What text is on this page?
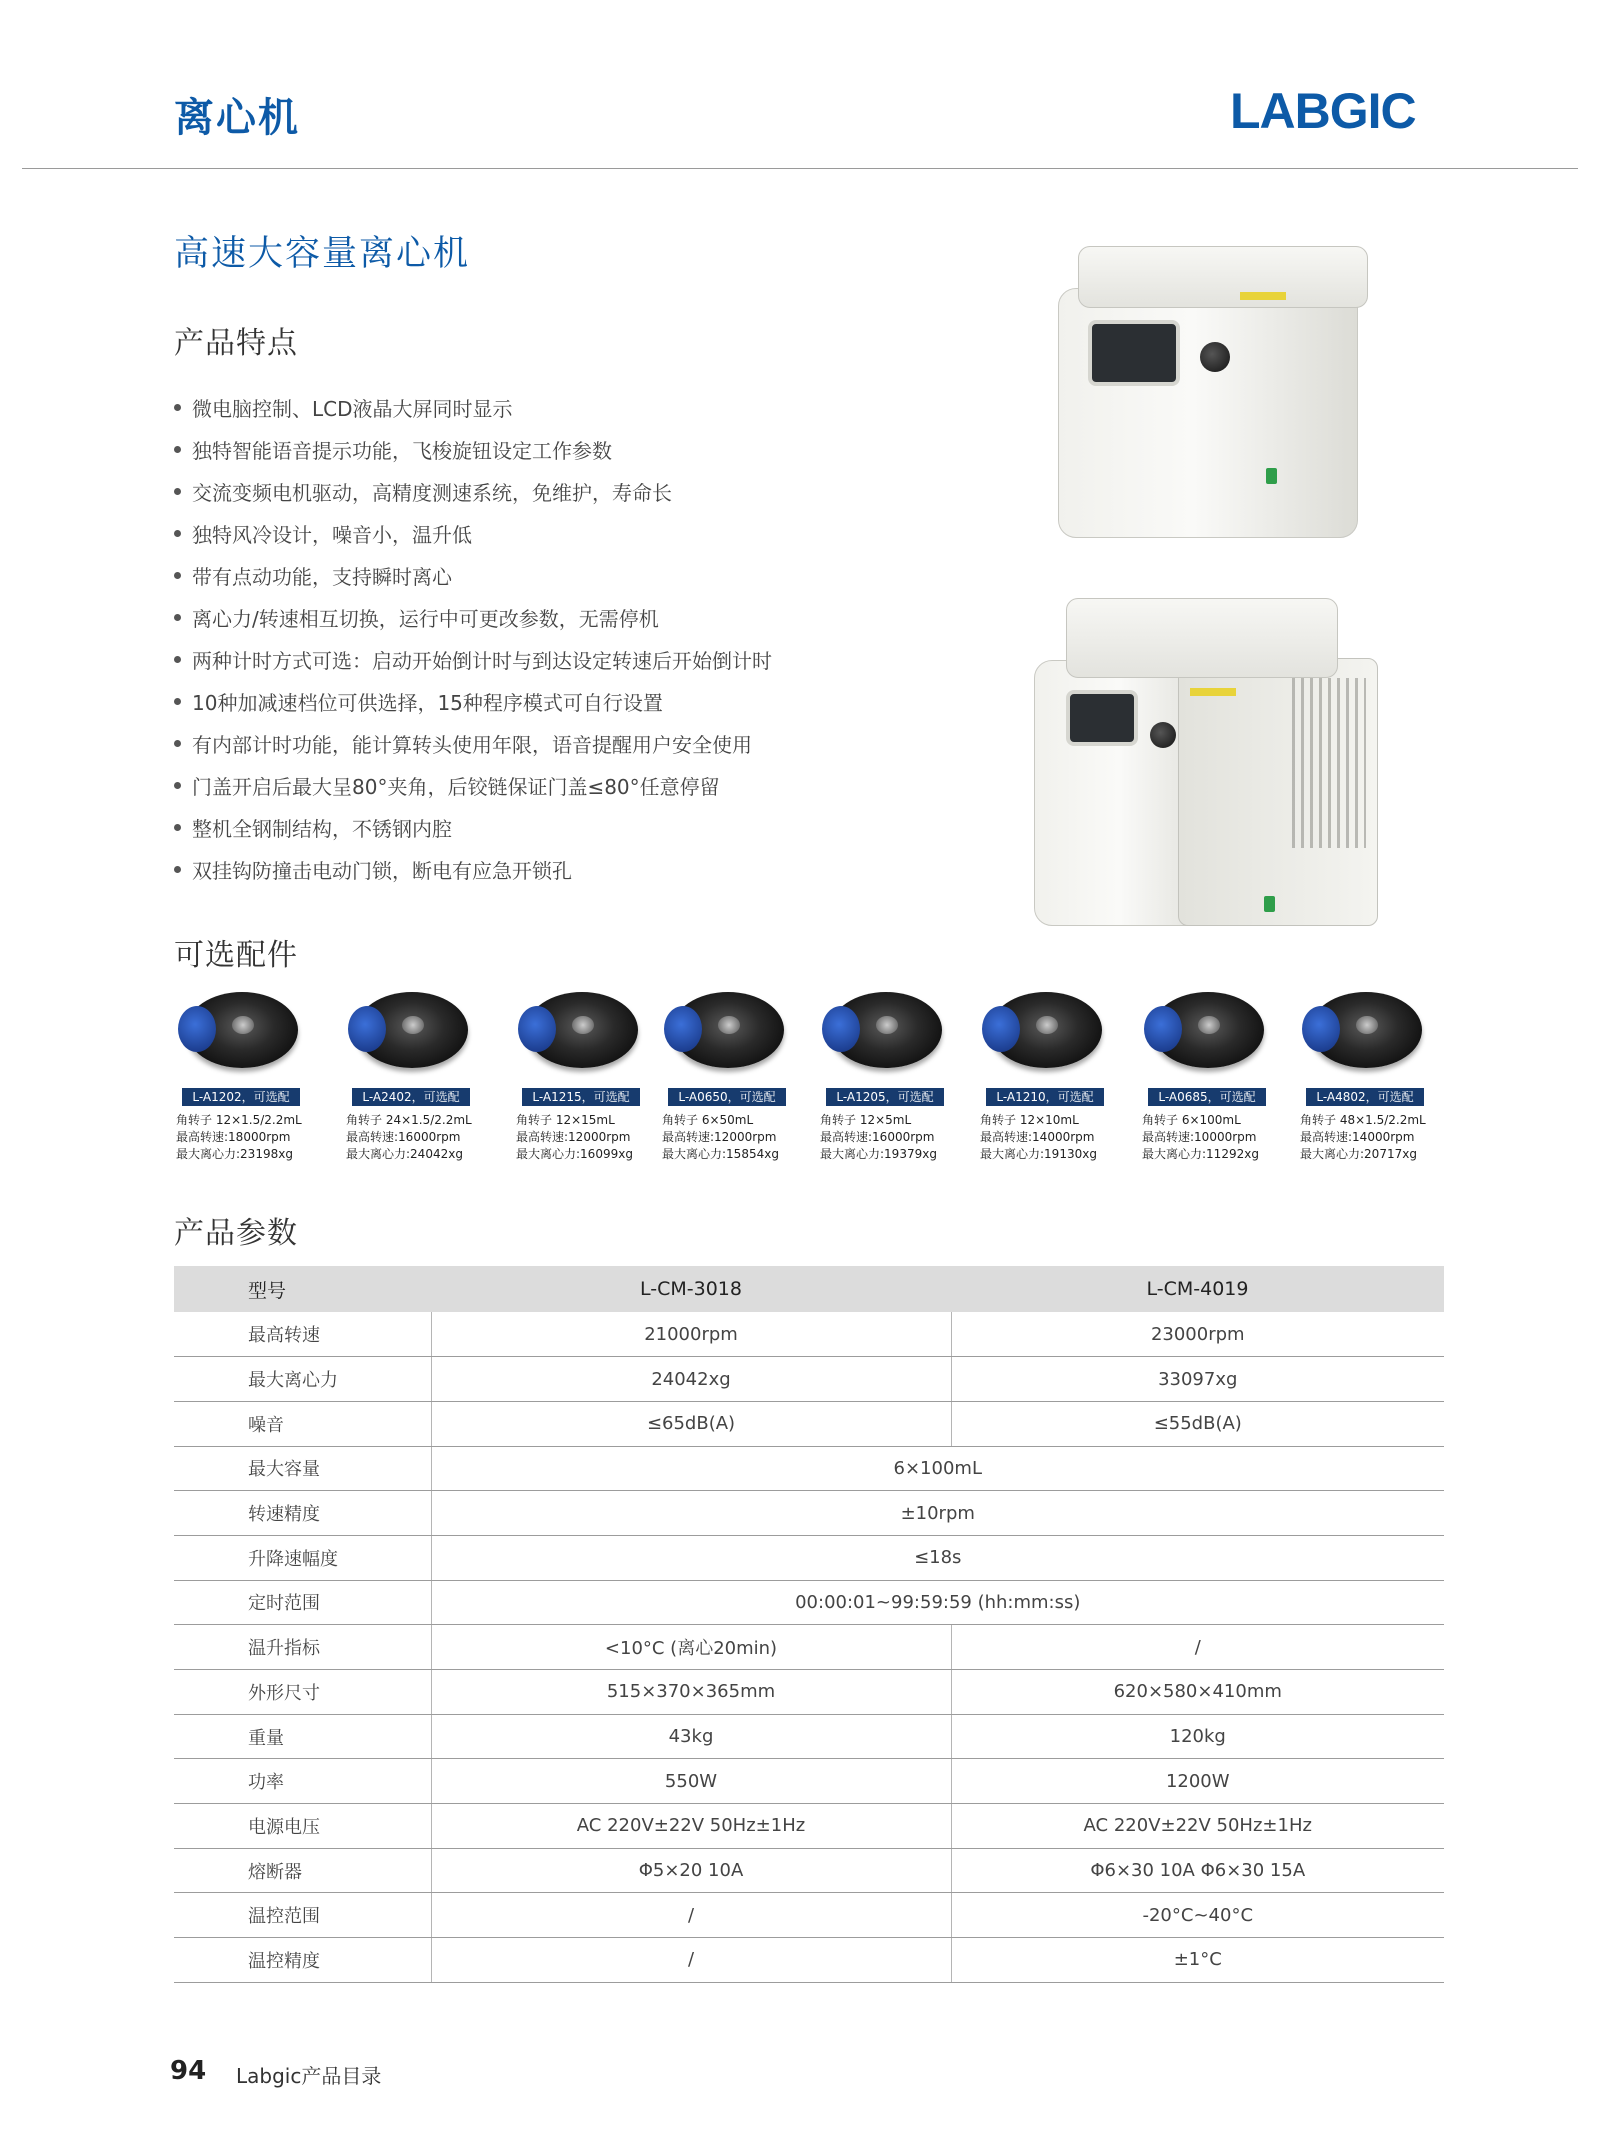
离心机	LABGIC
高速大容量离心机
产品特点
微电脑控制、LCD液晶大屏同时显示
独特智能语音提示功能，飞梭旋钮设定工作参数
交流变频电机驱动，高精度测速系统，免维护，寿命长
独特风冷设计，噪音小，温升低
带有点动功能，支持瞬时离心
离心力/转速相互切换，运行中可更改参数，无需停机
两种计时方式可选：启动开始倒计时与到达设定转速后开始倒计时
10种加减速档位可供选择，15种程序模式可自行设置
有内部计时功能，能计算转头使用年限，语音提醒用户安全使用
门盖开启后最大呈80°夹角，后铰链保证门盖≤80°任意停留
整机全钢制结构，不锈钢内腔
双挂钩防撞击电动门锁，断电有应急开锁孔
可选配件
L-A1202，可选配
角转子 12×1.5/2.2mL
最高转速:18000rpm
最大离心力:23198xg
L-A2402，可选配
角转子 24×1.5/2.2mL
最高转速:16000rpm
最大离心力:24042xg
L-A1215，可选配
角转子 12×15mL
最高转速:12000rpm
最大离心力:16099xg
L-A0650，可选配
角转子 6×50mL
最高转速:12000rpm
最大离心力:15854xg
L-A1205，可选配
角转子 12×5mL
最高转速:16000rpm
最大离心力:19379xg
L-A1210，可选配
角转子 12×10mL
最高转速:14000rpm
最大离心力:19130xg
L-A0685，可选配
角转子 6×100mL
最高转速:10000rpm
最大离心力:11292xg
L-A4802，可选配
角转子 48×1.5/2.2mL
最高转速:14000rpm
最大离心力:20717xg
产品参数
型号	L-CM-3018	L-CM-4019
最高转速	21000rpm	23000rpm
最大离心力	24042xg	33097xg
噪音	≤65dB(A)	≤55dB(A)
最大容量	6×100mL	
转速精度	±10rpm	
升降速幅度	≤18s	
定时范围	00:00:01~99:59:59 (hh:mm:ss)	
温升指标	<10°C (离心20min)	/
外形尺寸	515×370×365mm	620×580×410mm
重量	43kg	120kg
功率	550W	1200W
电源电压	AC 220V±22V 50Hz±1Hz	AC 220V±22V 50Hz±1Hz
熔断器	Φ5×20 10A	Φ6×30 10A Φ6×30 15A
温控范围	/	-20°C~40°C
温控精度	/	±1°C
94 Labgic产品目录
